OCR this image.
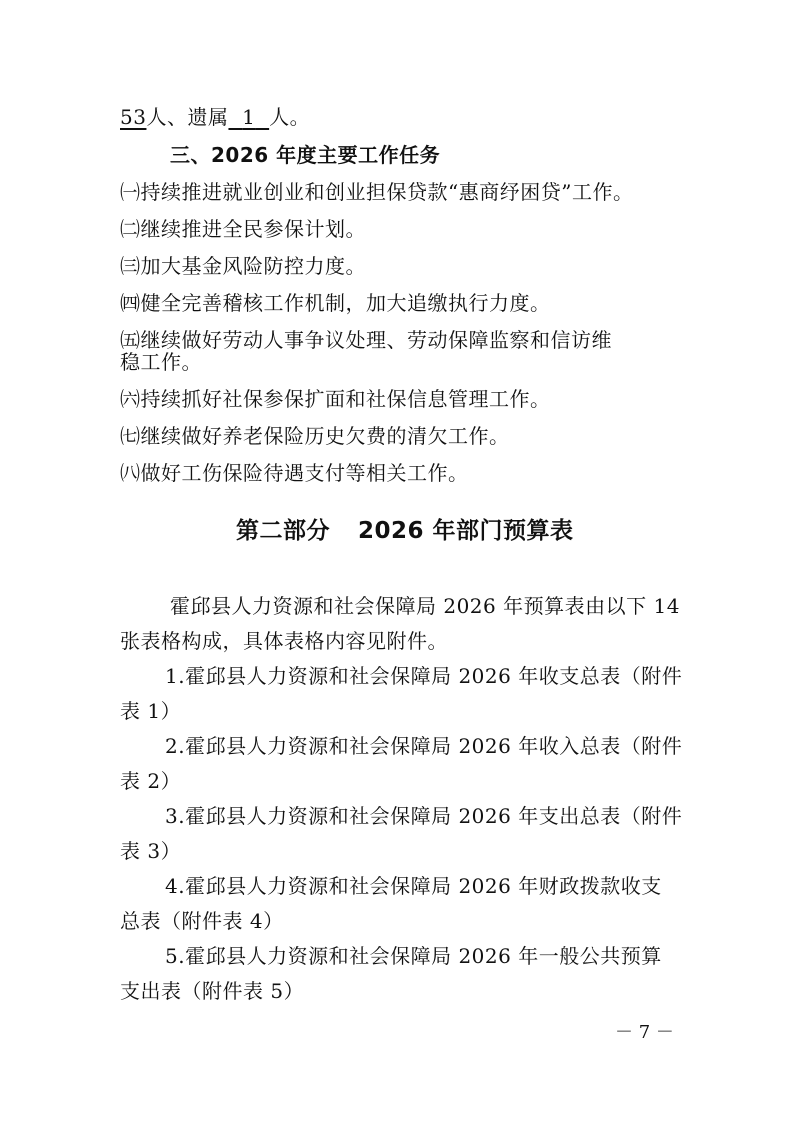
53人、遗属 1 人。
三、2026 年度主要工作任务
㈠持续推进就业创业和创业担保贷款“惠商纾困贷”工作。
㈡继续推进全民参保计划。
㈢加大基金风险防控力度。
㈣健全完善稽核工作机制，加大追缴执行力度。
㈤继续做好劳动人事争议处理、劳动保障监察和信访维
稳工作。
㈥持续抓好社保参保扩面和社保信息管理工作。
㈦继续做好养老保险历史欠费的清欠工作。
㈧做好工伤保险待遇支付等相关工作。
第二部分 2026 年部门预算表
霍邱县人力资源和社会保障局 2026 年预算表由以下 14
张表格构成，具体表格内容见附件。
1.霍邱县人力资源和社会保障局 2026 年收支总表（附件
表 1）
2.霍邱县人力资源和社会保障局 2026 年收入总表（附件
表 2）
3.霍邱县人力资源和社会保障局 2026 年支出总表（附件
表 3）
4.霍邱县人力资源和社会保障局 2026 年财政拨款收支
总表（附件表 4）
5.霍邱县人力资源和社会保障局 2026 年一般公共预算
支出表（附件表 5）
－ 7 －
